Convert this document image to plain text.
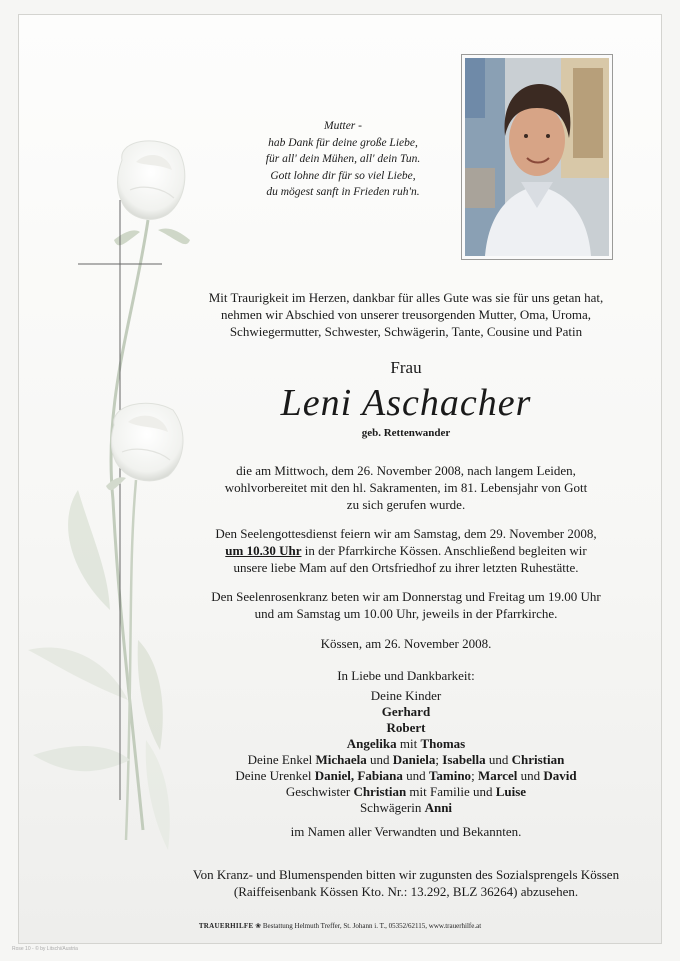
Mutter -
hab Dank für deine große Liebe,
für all' dein Mühen, all' dein Tun.
Gott lohne dir für so viel Liebe,
du mögest sanft in Frieden ruh'n.
Mit Traurigkeit im Herzen, dankbar für alles Gute was sie für uns getan hat,
nehmen wir Abschied von unserer treusorgenden Mutter, Oma, Uroma,
Schwiegermutter, Schwester, Schwägerin, Tante, Cousine und Patin
Frau
Leni Aschacher
geb. Rettenwander
die am Mittwoch, dem 26. November 2008, nach langem Leiden,
wohlvorbereitet mit den hl. Sakramenten, im 81. Lebensjahr von Gott
zu sich gerufen wurde.
Den Seelengottesdienst feiern wir am Samstag, dem 29. November 2008,
um 10.30 Uhr in der Pfarrkirche Kössen. Anschließend begleiten wir
unsere liebe Mam auf den Ortsfriedhof zu ihrer letzten Ruhestätte.
Den Seelenrosenkranz beten wir am Donnerstag und Freitag um 19.00 Uhr
und am Samstag um 10.00 Uhr, jeweils in der Pfarrkirche.
Kössen, am 26. November 2008.
In Liebe und Dankbarkeit:
Deine Kinder
Gerhard
Robert
Angelika mit Thomas
Deine Enkel Michaela und Daniela; Isabella und Christian
Deine Urenkel Daniel, Fabiana und Tamino; Marcel und David
Geschwister Christian mit Familie und Luise
Schwägerin Anni
im Namen aller Verwandten und Bekannten.
Von Kranz- und Blumenspenden bitten wir zugunsten des Sozialsprengels Kössen
(Raiffeisenbank Kössen Kto. Nr.: 13.292, BLZ 36264) abzusehen.
TRAUERHILFE ❀ Bestattung Helmuth Treffer, St. Johann i. T., 05352/62115, www.trauerhilfe.at
Rose 10 - © by Litschi/Austria
